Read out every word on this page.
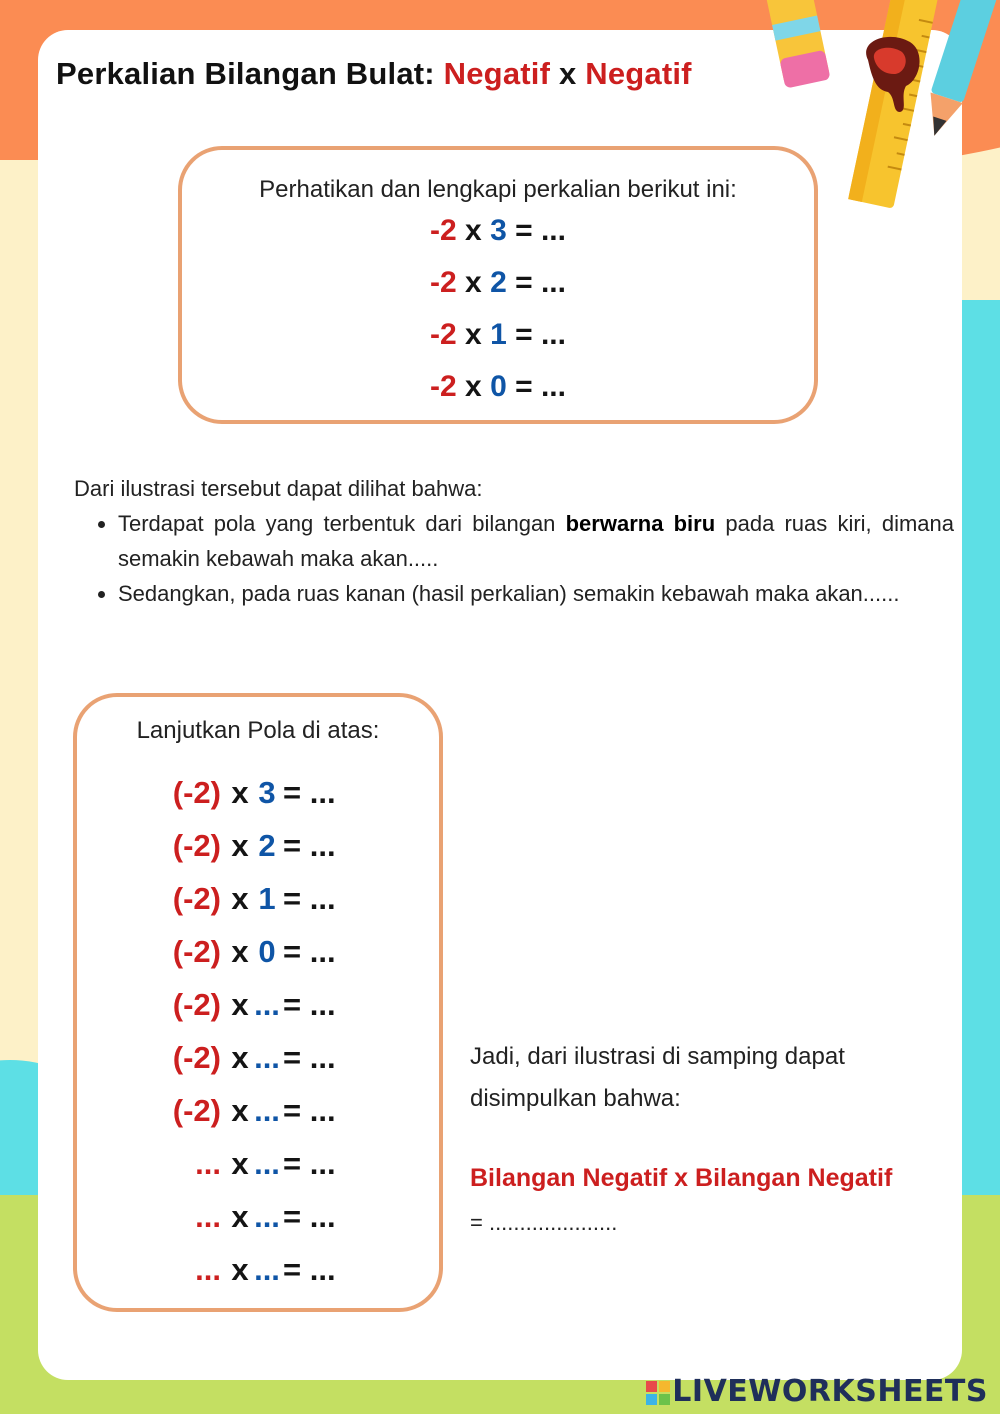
Perkalian Bilangan Bulat: Negatif x Negatif
Perhatikan dan lengkapi perkalian berikut ini:
-2 x 3 = ...
-2 x 2 = ...
-2 x 1 = ...
-2 x 0 = ...

Dari ilustrasi tersebut dapat dilihat bahwa:

• Terdapat pola yang terbentuk dari bilangan berwarna biru pada ruas kiri, dimana semakin kebawah maka akan.....
• Sedangkan, pada ruas kanan (hasil perkalian) semakin kebawah maka akan......
Lanjutkan Pola di atas:
(-2) x 3 = ...
(-2) x 2 = ...
(-2) x 1 = ...
(-2) x 0 = ...
(-2) x ... = ...
(-2) x ... = ...
(-2) x ... = ...
... x ... = ...
... x ... = ...
... x ... = ...

Jadi, dari ilustrasi di samping dapat
disimpulkan bahwa:

Bilangan Negatif x Bilangan Negatif

= .....................

LIVEWORKSHEETS
